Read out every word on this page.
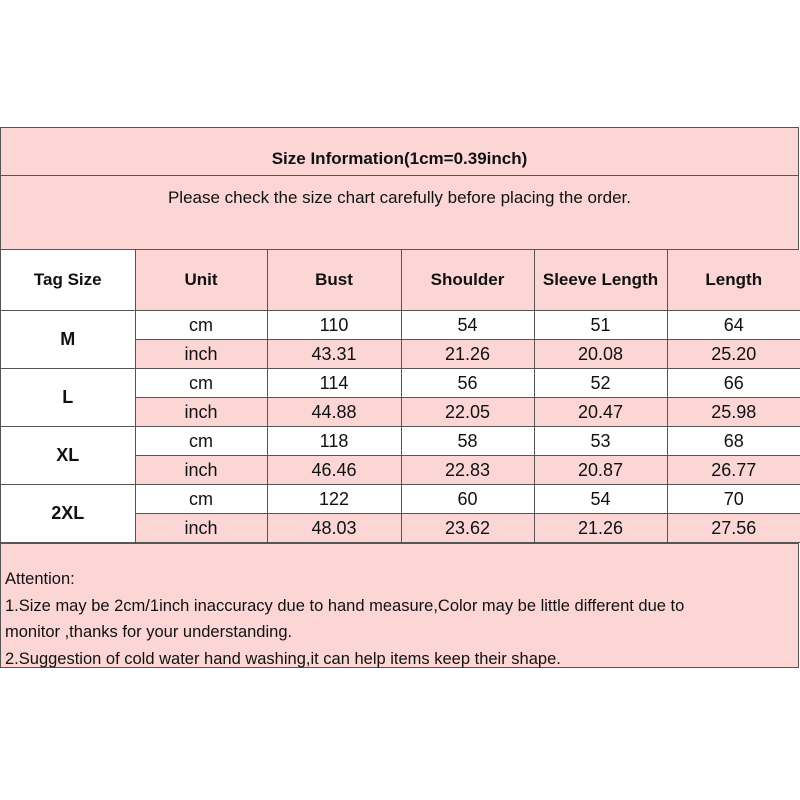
Size Information(1cm=0.39inch)
Please check the size chart carefully before placing the order.
Tag Size	Unit	Bust	Shoulder	Sleeve Length	Length
M	cm	110	54	51	64
	inch	43.31	21.26	20.08	25.20
L	cm	114	56	52	66
	inch	44.88	22.05	20.47	25.98
XL	cm	118	58	53	68
	inch	46.46	22.83	20.87	26.77
2XL	cm	122	60	54	70
	inch	48.03	23.62	21.26	27.56
Attention:
1.Size may be 2cm/1inch inaccuracy due to hand measure,Color may be little different due to
monitor ,thanks for your understanding.
2.Suggestion of cold water hand washing,it can help items keep their shape.
